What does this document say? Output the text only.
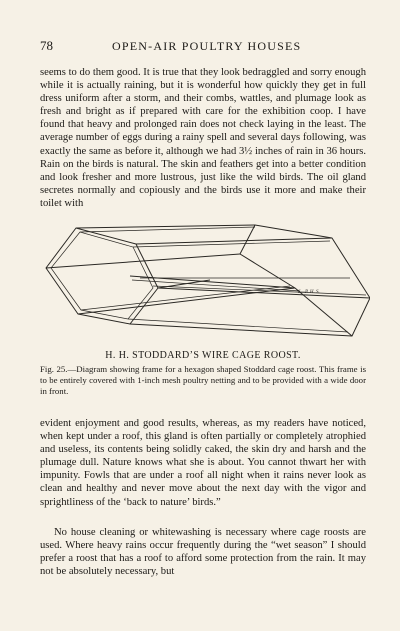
78	OPEN-AIR POULTRY HOUSES

seems to do them good. It is true that they look bedraggled and sorry enough while it is actually raining, but it is wonderful how quickly they get in full dress uniform after a storm, and their combs, wattles, and plumage look as fresh and bright as if prepared with care for the exhibition coop. I have found that heavy and prolonged rain does not check laying in the least. The average number of eggs during a rainy spell and several days following, was exactly the same as before it, although we had 3½ inches of rain in 36 hours. Rain on the birds is natural. The skin and feathers get into a better condition and look fresher and more lustrous, just like the wild birds. The oil gland secretes normally and copiously and the birds use it more and make their toilet with

S—P. H. S.

H. H. STODDARD’S WIRE CAGE ROOST.

Fig. 25.—Diagram showing frame for a hexagon shaped Stoddard cage roost. This frame is to be entirely covered with 1-inch mesh poultry netting and to be provided with a wide door in front.

evident enjoyment and good results, whereas, as my readers have noticed, when kept under a roof, this gland is often partially or completely atrophied and useless, its contents being solidly caked, the skin dry and harsh and the plumage dull. Nature knows what she is about. You cannot thwart her with impunity. Fowls that are under a roof all night when it rains never look as clean and healthy and never move about the next day with the vigor and sprightliness of the ‘back to nature’ birds.”

No house cleaning or whitewashing is necessary where cage roosts are used. Where heavy rains occur frequently during the “wet season” I should prefer a roost that has a roof to afford some protection from the rain. It may not be absolutely necessary, but
